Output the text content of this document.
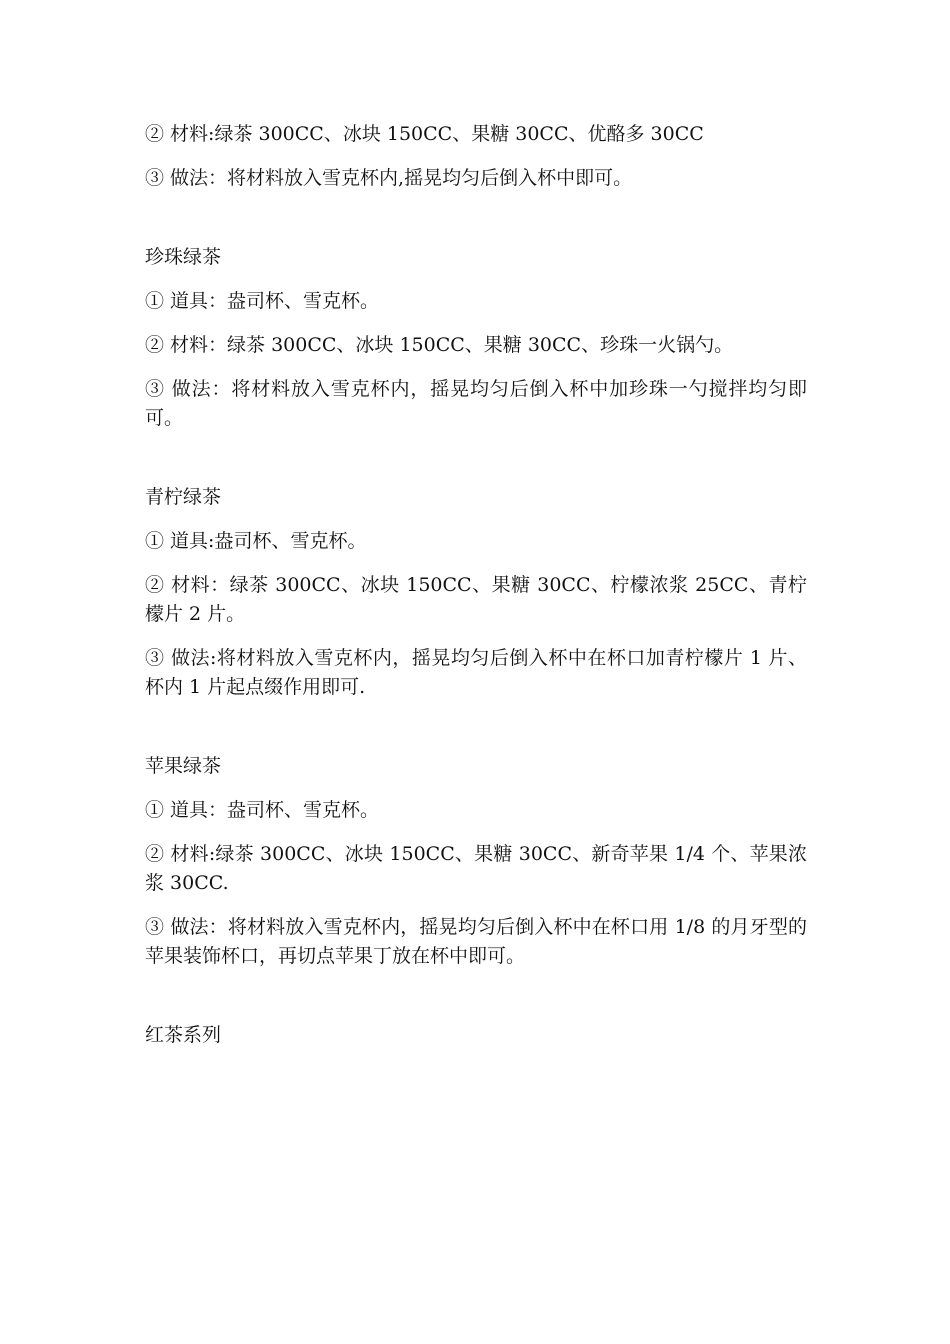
② 材料:绿茶 300CC、冰块 150CC、果糖 30CC、优酪多 30CC

③ 做法：将材料放入雪克杯内,摇晃均匀后倒入杯中即可。

珍珠绿茶

① 道具：盎司杯、雪克杯。

② 材料：绿茶 300CC、冰块 150CC、果糖 30CC、珍珠一火锅勺。

③ 做法：将材料放入雪克杯内，摇晃均匀后倒入杯中加珍珠一勺搅拌均匀即可。

青柠绿茶

① 道具:盎司杯、雪克杯。

② 材料：绿茶 300CC、冰块 150CC、果糖 30CC、柠檬浓浆 25CC、青柠檬片 2 片。

③ 做法:将材料放入雪克杯内，摇晃均匀后倒入杯中在杯口加青柠檬片 1 片、杯内 1 片起点缀作用即可.

苹果绿茶

① 道具：盎司杯、雪克杯。

② 材料:绿茶 300CC、冰块 150CC、果糖 30CC、新奇苹果 1/4 个、苹果浓浆 30CC.

③ 做法：将材料放入雪克杯内，摇晃均匀后倒入杯中在杯口用 1/8 的月牙型的苹果装饰杯口，再切点苹果丁放在杯中即可。

红茶系列
